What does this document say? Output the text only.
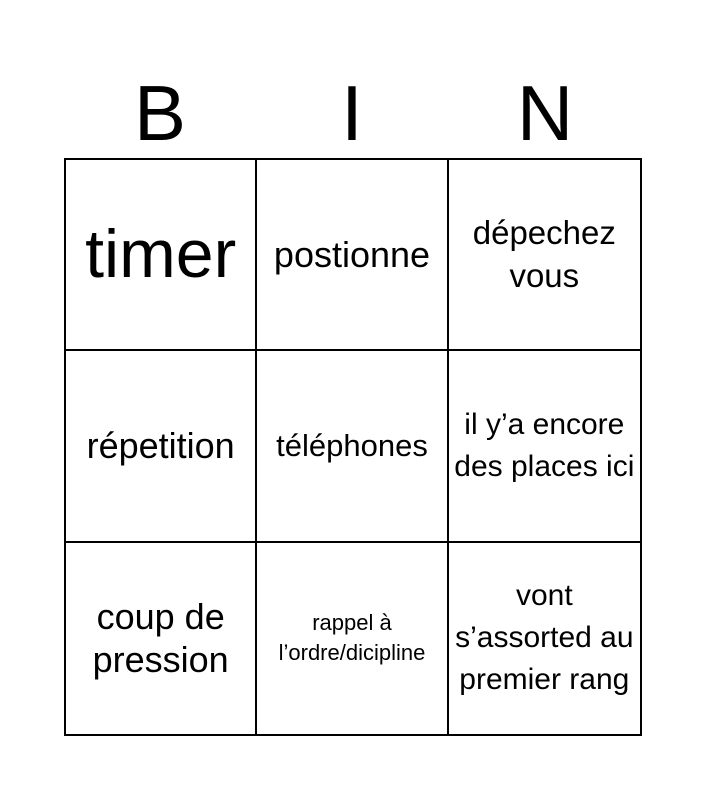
B	I	N
timer postionne
dépechez vous
répetition téléphones
il y’a encore des places ici
coup de pression
rappel à l’ordre/dicipline
vont s’assorted au premier rang
